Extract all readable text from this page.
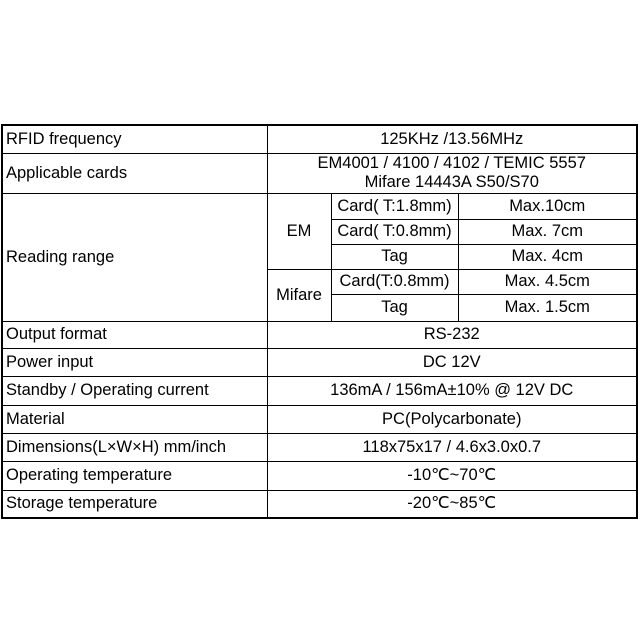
RFID frequency	125KHz /13.56MHz		
Applicable cards	EM4001 / 4100 / 4102 / TEMIC 5557
Mifare 14443A S50/S70		

Reading range	EM	Card( T:1.8mm)	Max.10cm
		Card( T:0.8mm)	Max. 7cm
		Tag	Max. 4cm
	Mifare	Card(T:0.8mm)	Max. 4.5cm
		Tag	Max. 1.5cm
Output format	RS-232		
Power input	DC 12V		
Standby / Operating current	136mA / 156mA±10% @ 12V DC		
Material	PC(Polycarbonate)		
Dimensions(L×W×H) mm/inch	118x75x17 / 4.6x3.0x0.7		
Operating temperature	-10℃~70℃		
Storage temperature	-20℃~85℃		
